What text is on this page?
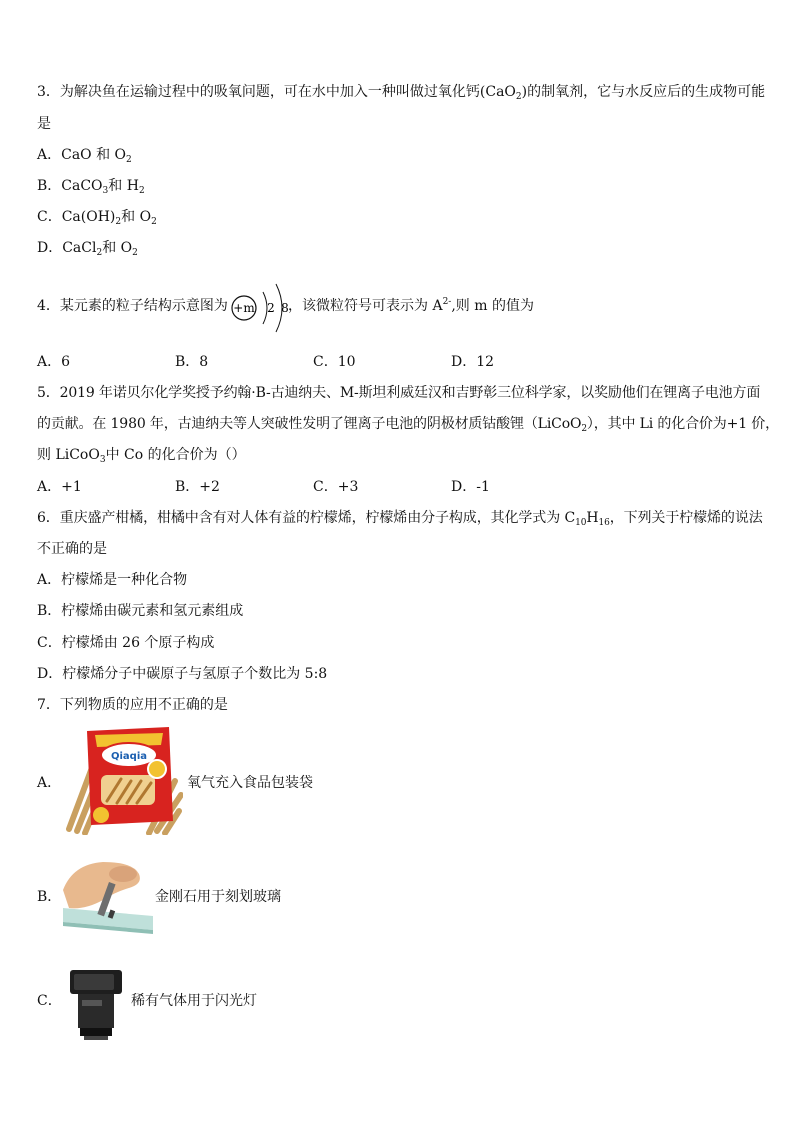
3．为解决鱼在运输过程中的吸氧问题，可在水中加入一种叫做过氧化钙(CaO$_2$)的制氧剂，它与水反应后的生成物可能
是
A．CaO 和 $O_2$
B．CaCO$_3$和 $H_2$
C．$Ca(OH)_2$和 $O_2$
D．CaCl$_2$和 $O_2$
4．某元素的粒子结构示意图为 +m 2 8 ，该微粒符号可表示为 $A^{2-}$,则 m 的值为
A．6	B．8	C．10	D．12
5．2019 年诺贝尔化学奖授予约翰·B-古迪纳夫、M-斯坦利威廷汉和吉野彰三位科学家，以奖励他们在锂离子电池方面
的贡献。在 1980 年，古迪纳夫等人突破性发明了锂离子电池的阴极材质钴酸锂（LiCoO$_2$），其中 Li 的化合价为+1 价，
则 LiCoO$_3$中 Co 的化合价为（）
A．+1	B．+2	C．+3	D．-1
6．重庆盛产柑橘，柑橘中含有对人体有益的柠檬烯，柠檬烯由分子构成，其化学式为 $C_{10}H_{16}$，下列关于柠檬烯的说法
不正确的是
A．柠檬烯是一种化合物
B．柠檬烯由碳元素和氢元素组成
C．柠檬烯由 26 个原子构成
D．柠檬烯分子中碳原子与氢原子个数比为 5:8
7．下列物质的应用不正确的是
A．
Qiaqia
氧气充入食品包装袋
B．	金刚石用于刻划玻璃
C．	稀有气体用于闪光灯
